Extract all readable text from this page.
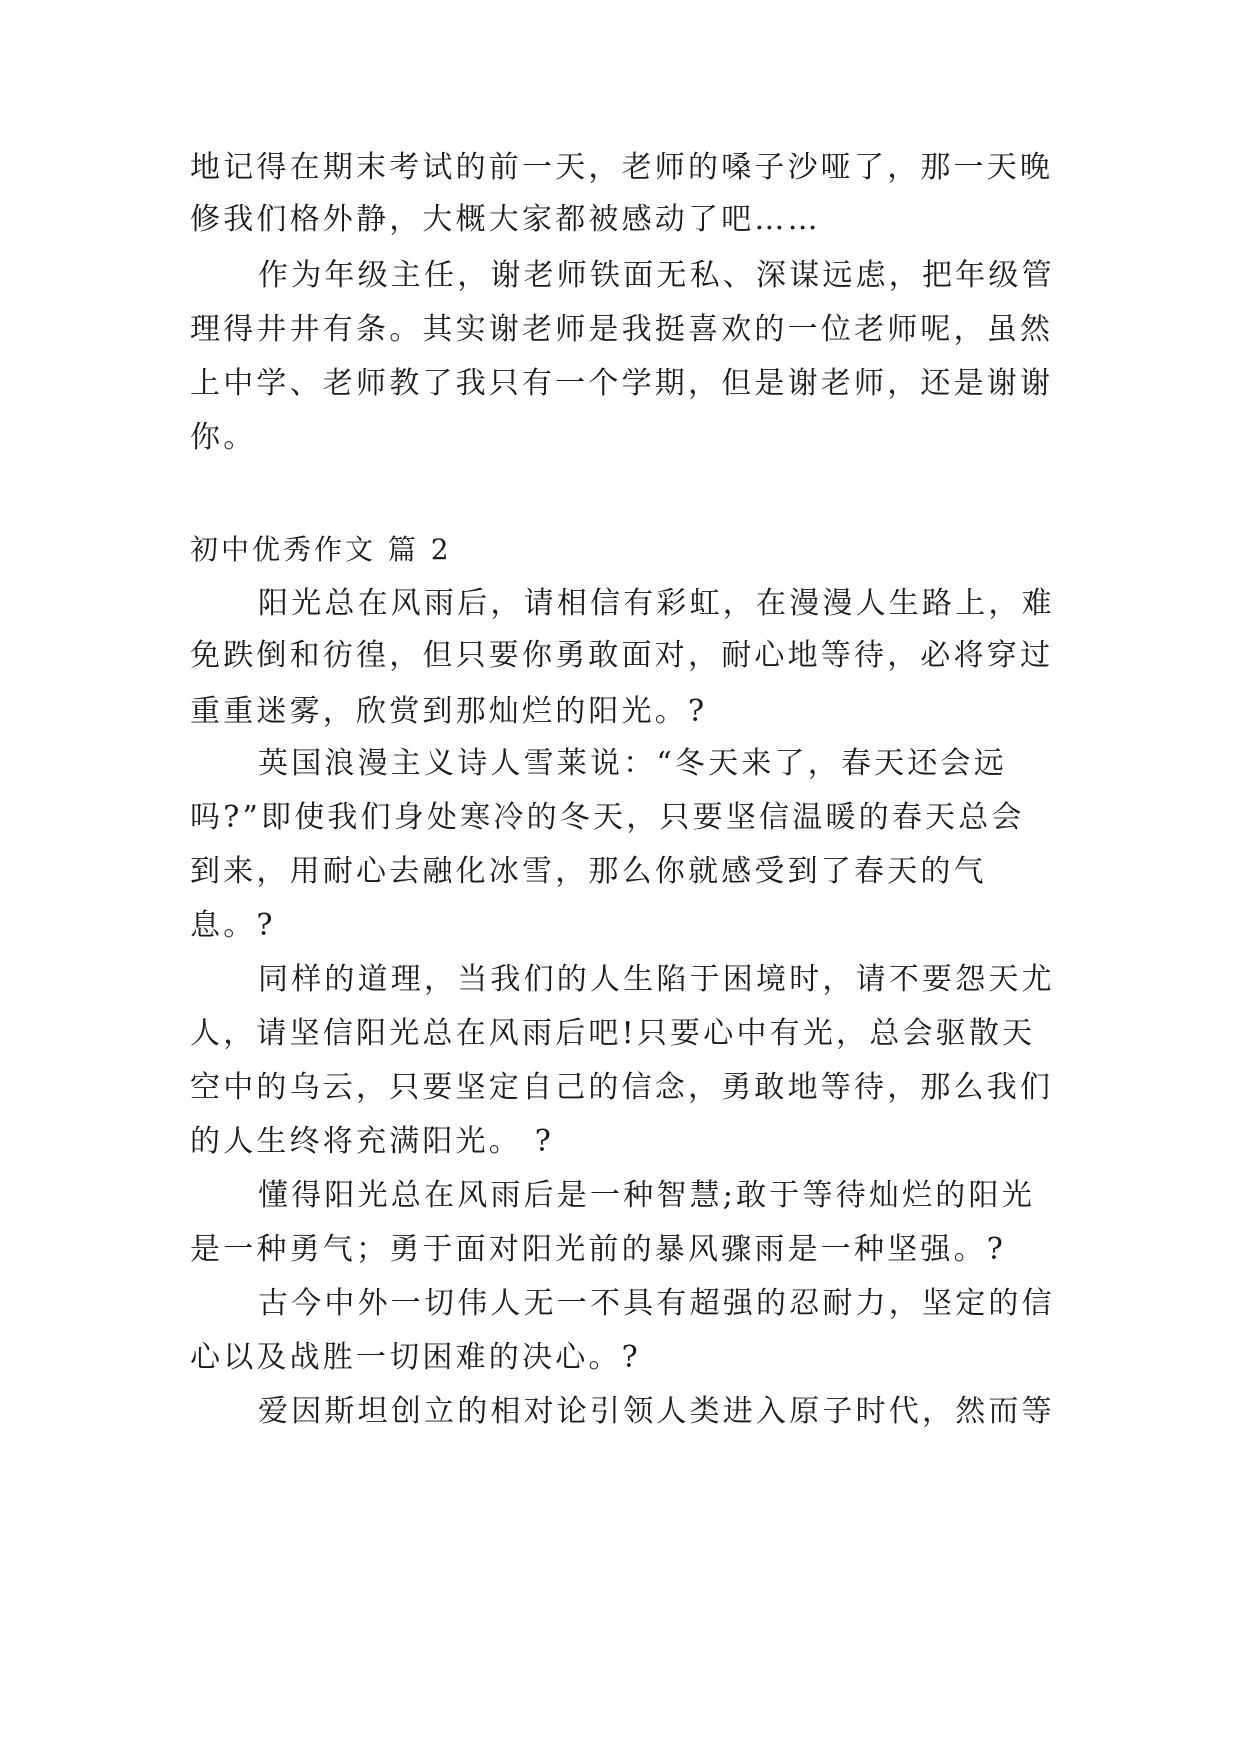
地记得在期末考试的前一天，老师的嗓子沙哑了，那一天晚
修我们格外静，大概大家都被感动了吧……
作为年级主任，谢老师铁面无私、深谋远虑，把年级管
理得井井有条。其实谢老师是我挺喜欢的一位老师呢，虽然
上中学、老师教了我只有一个学期，但是谢老师，还是谢谢
你。
初中优秀作文 篇 2
阳光总在风雨后，请相信有彩虹，在漫漫人生路上，难
免跌倒和彷徨，但只要你勇敢面对，耐心地等待，必将穿过
重重迷雾，欣赏到那灿烂的阳光。?
英国浪漫主义诗人雪莱说：“冬天来了，春天还会远
吗?”即使我们身处寒冷的冬天，只要坚信温暖的春天总会
到来，用耐心去融化冰雪，那么你就感受到了春天的气
息。?
同样的道理，当我们的人生陷于困境时，请不要怨天尤
人，请坚信阳光总在风雨后吧!只要心中有光，总会驱散天
空中的乌云，只要坚定自己的信念，勇敢地等待，那么我们
的人生终将充满阳光。 ?
懂得阳光总在风雨后是一种智慧;敢于等待灿烂的阳光
是一种勇气；勇于面对阳光前的暴风骤雨是一种坚强。?
古今中外一切伟人无一不具有超强的忍耐力，坚定的信
心以及战胜一切困难的决心。?
爱因斯坦创立的相对论引领人类进入原子时代，然而等
